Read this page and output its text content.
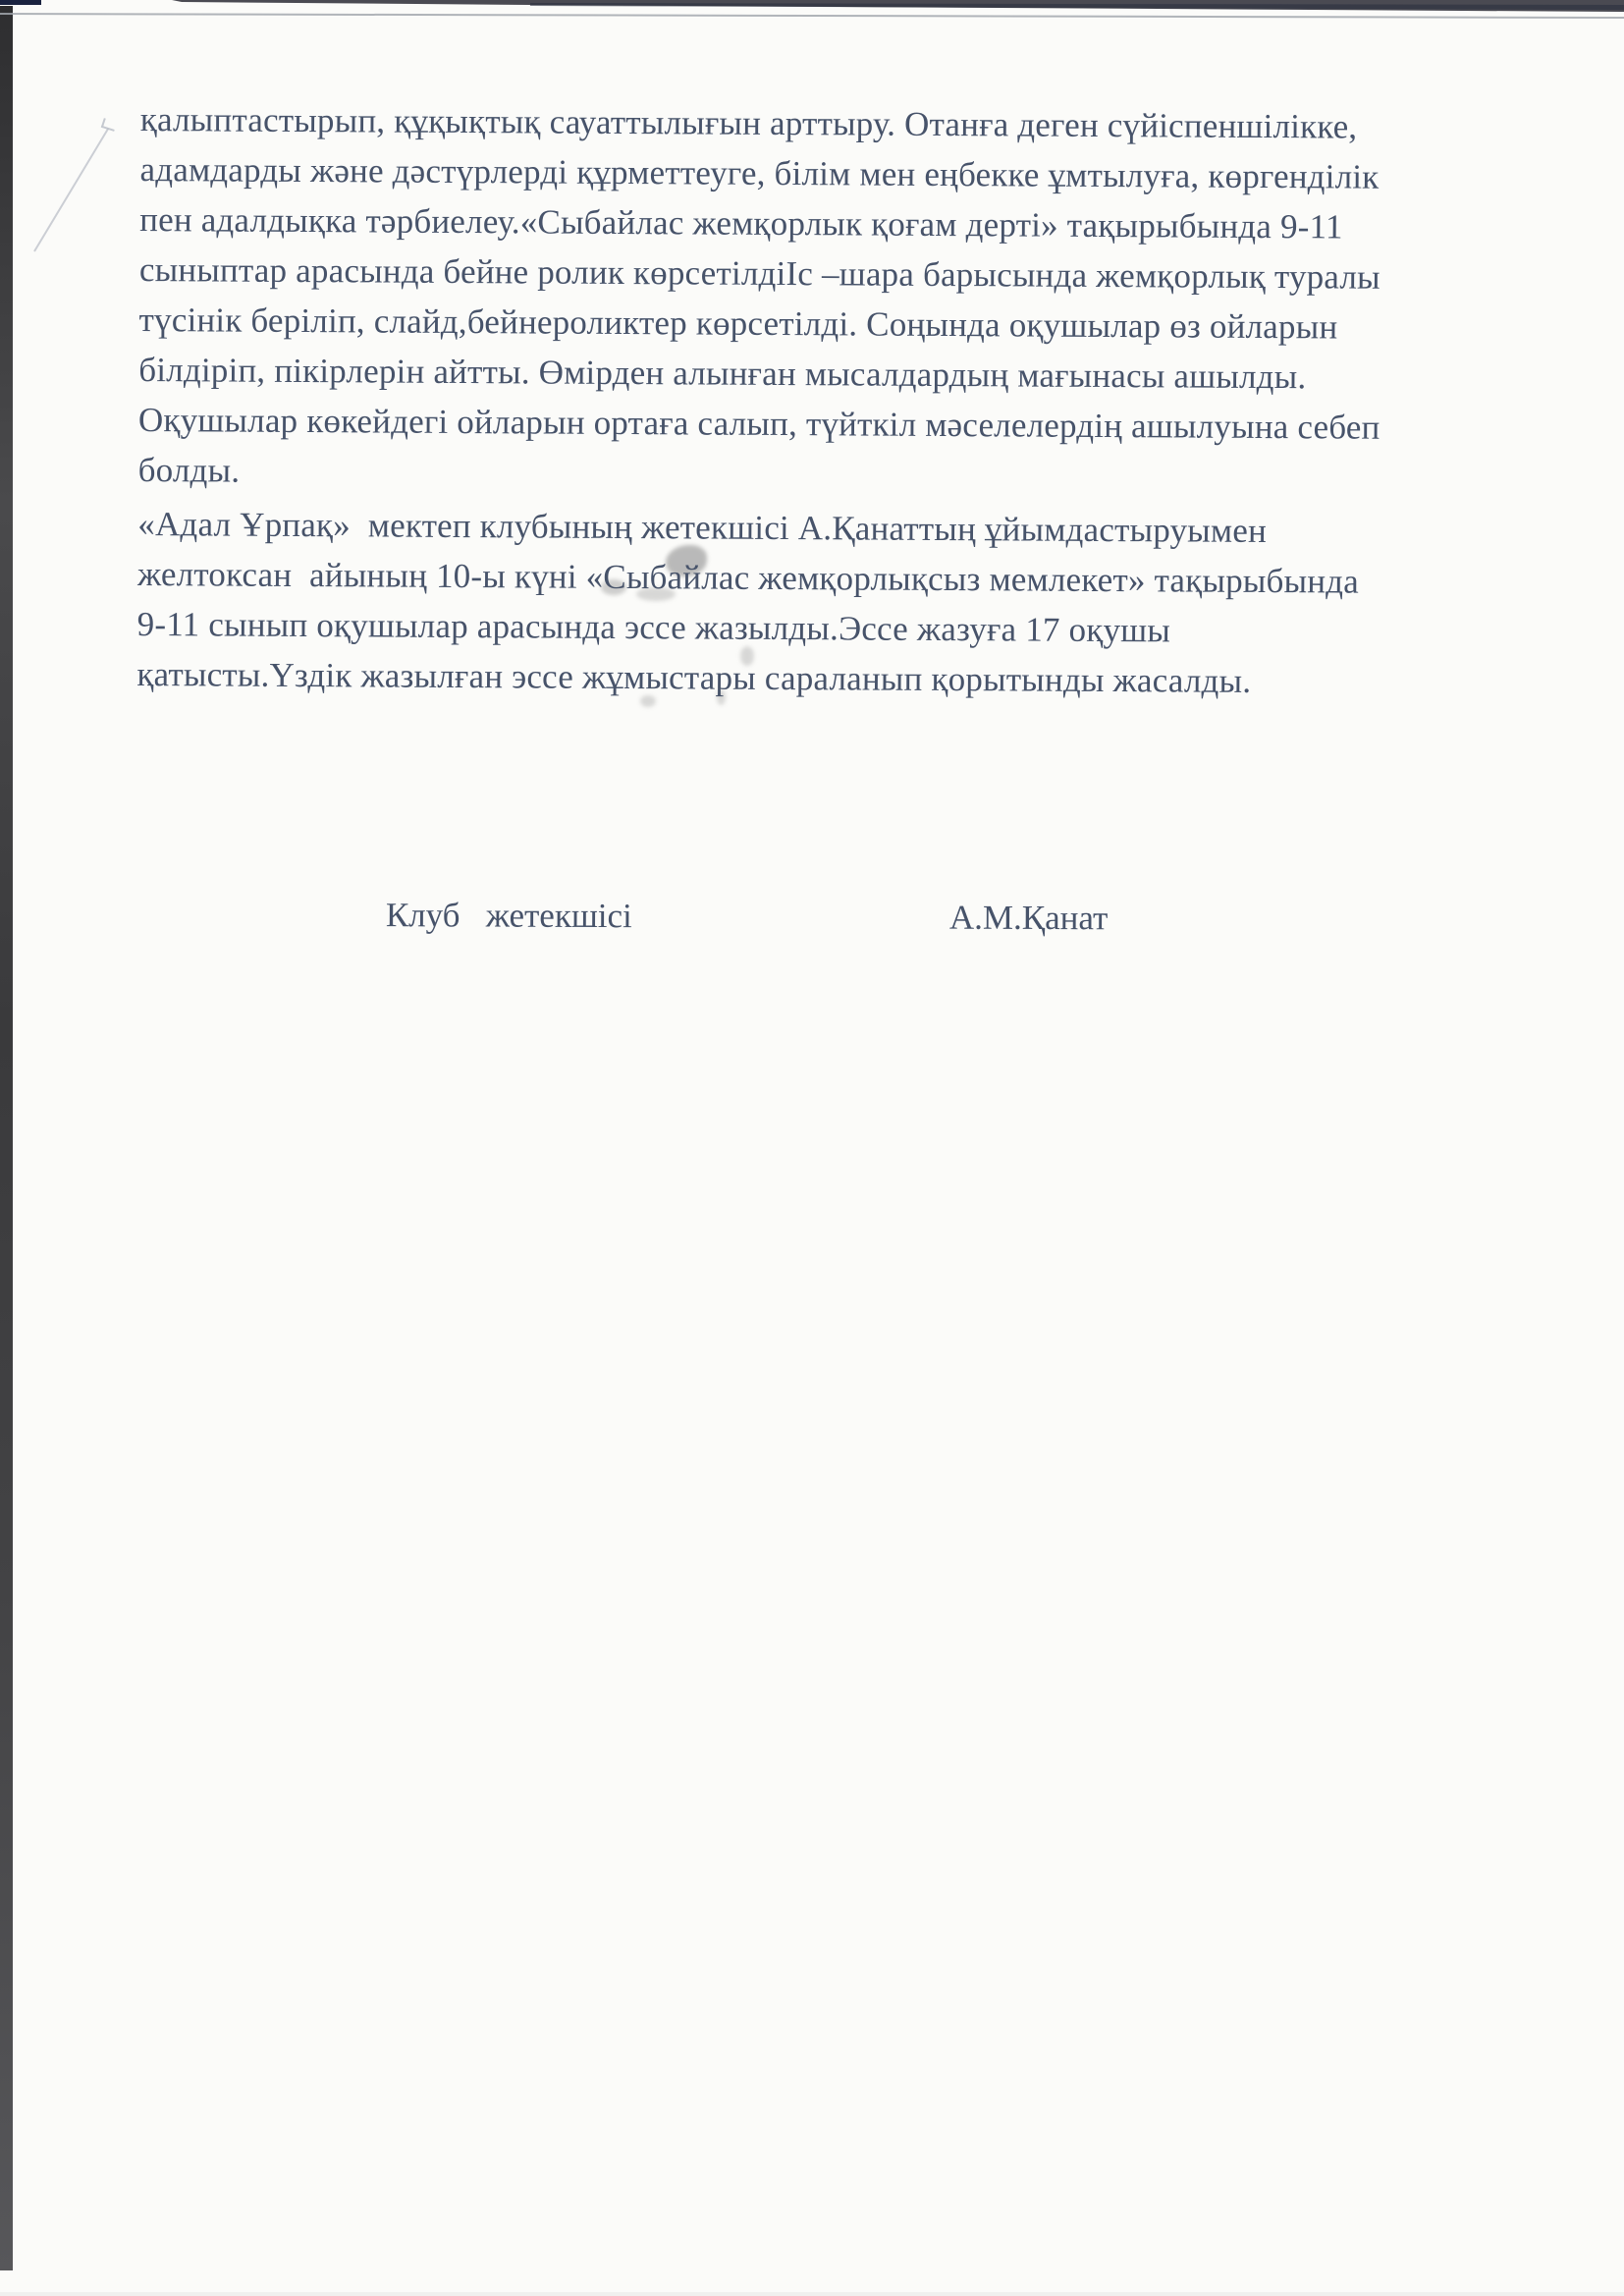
қалыптастырып, құқықтық сауаттылығын арттыру. Отанға деген сүйіспеншілікке,
адамдарды және дәстүрлерді құрметтеуге, білім мен еңбекке ұмтылуға, көргенділік
пен адалдықка тәрбиелеу.«Сыбайлас жемқорлык қоғам дерті» тақырыбында 9-11
сыныптар арасында бейне ролик көрсетілдіІс –шара барысында жемқорлық туралы
түсінік беріліп, слайд,бейнероликтер көрсетілді. Соңында оқушылар өз ойларын
білдіріп, пікірлерін айтты. Өмірден алынған мысалдардың мағынасы ашылды.
Оқушылар көкейдегі ойларын ортаға салып, түйткіл мәселелердің ашылуына себеп
болды.
«Адал Ұрпақ»  мектеп клубының жетекшісі А.Қанаттың ұйымдастыруымен
желтоксан  айының 10-ы күні «Сыбайлас жемқорлықсыз мемлекет» тақырыбында
9-11 сынып оқушылар арасында эссе жазылды.Эссе жазуға 17 оқушы
қатысты.Үздік жазылған эссе жұмыстары сараланып қорытынды жасалды.
Клуб   жетекшісі	А.М.Қанат
